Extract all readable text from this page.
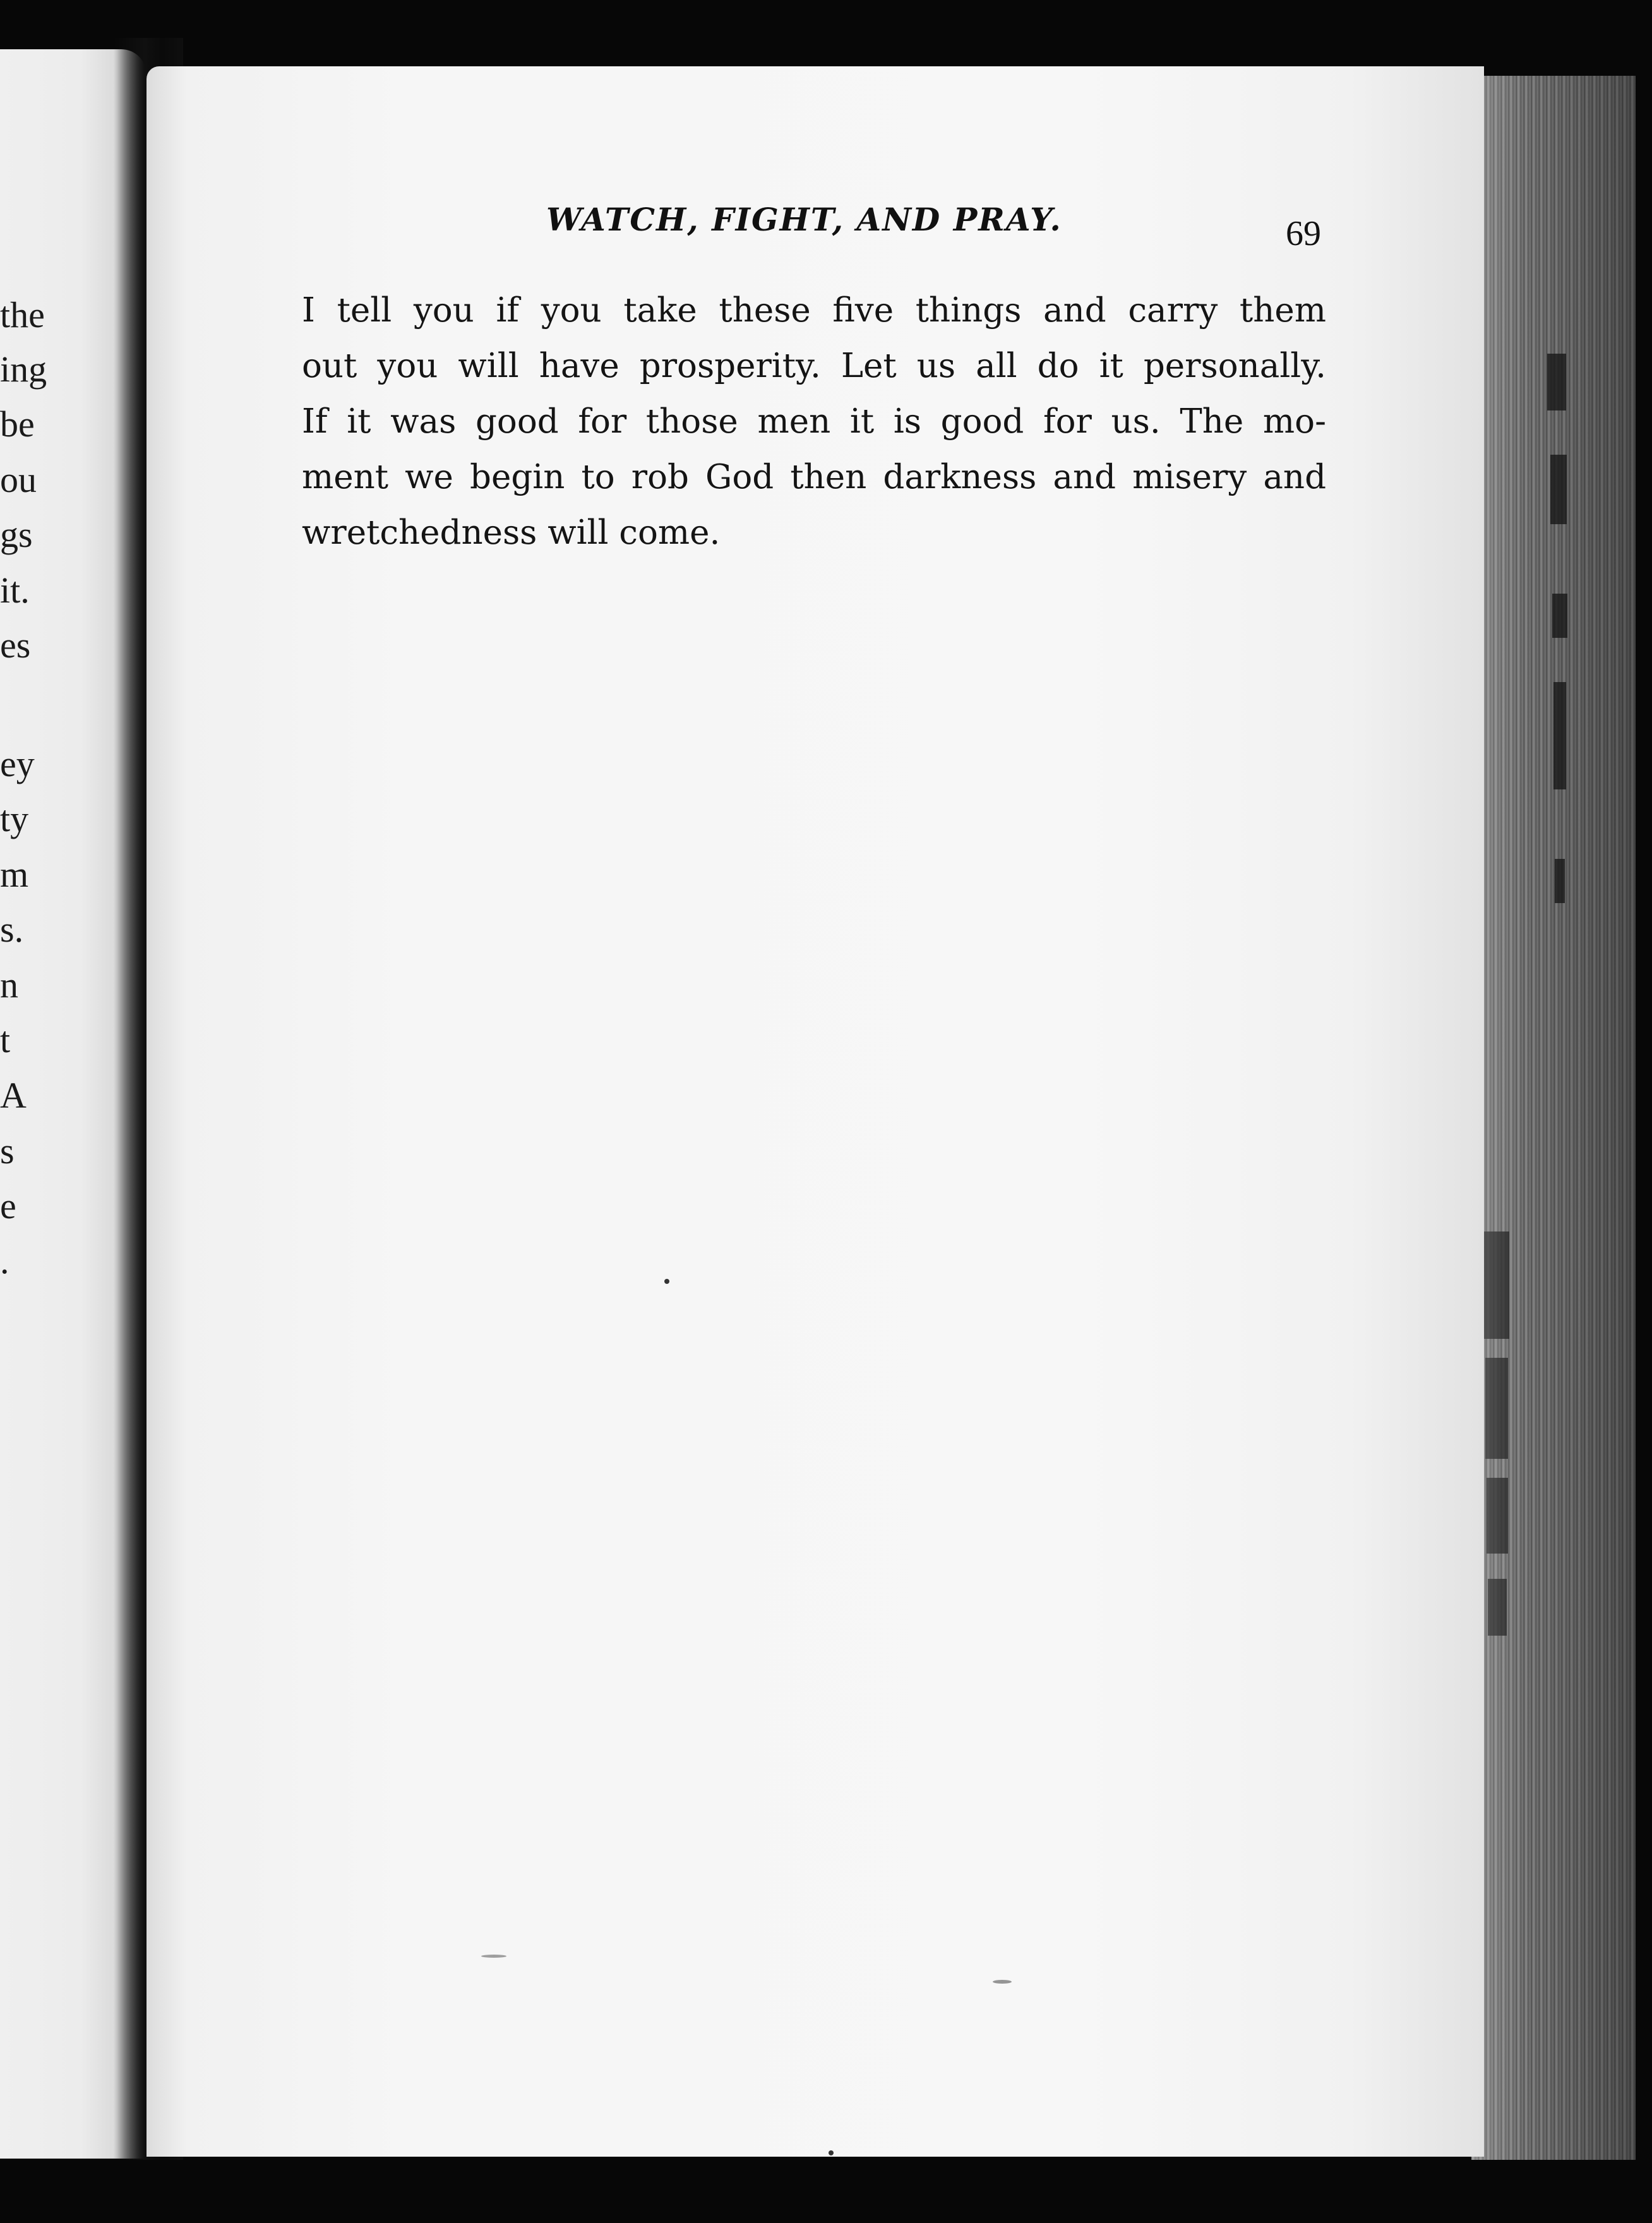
the
ing
be
ou
gs
it.
es
ey
ty
m
s.
n
t
A
s
e
.
WATCH, FIGHT, AND PRAY.	69
I tell you if you take these five things and carry them
out you will have prosperity. Let us all do it personally.
If it was good for those men it is good for us. The mo-
ment we begin to rob God then darkness and misery and
wretchedness will come.
